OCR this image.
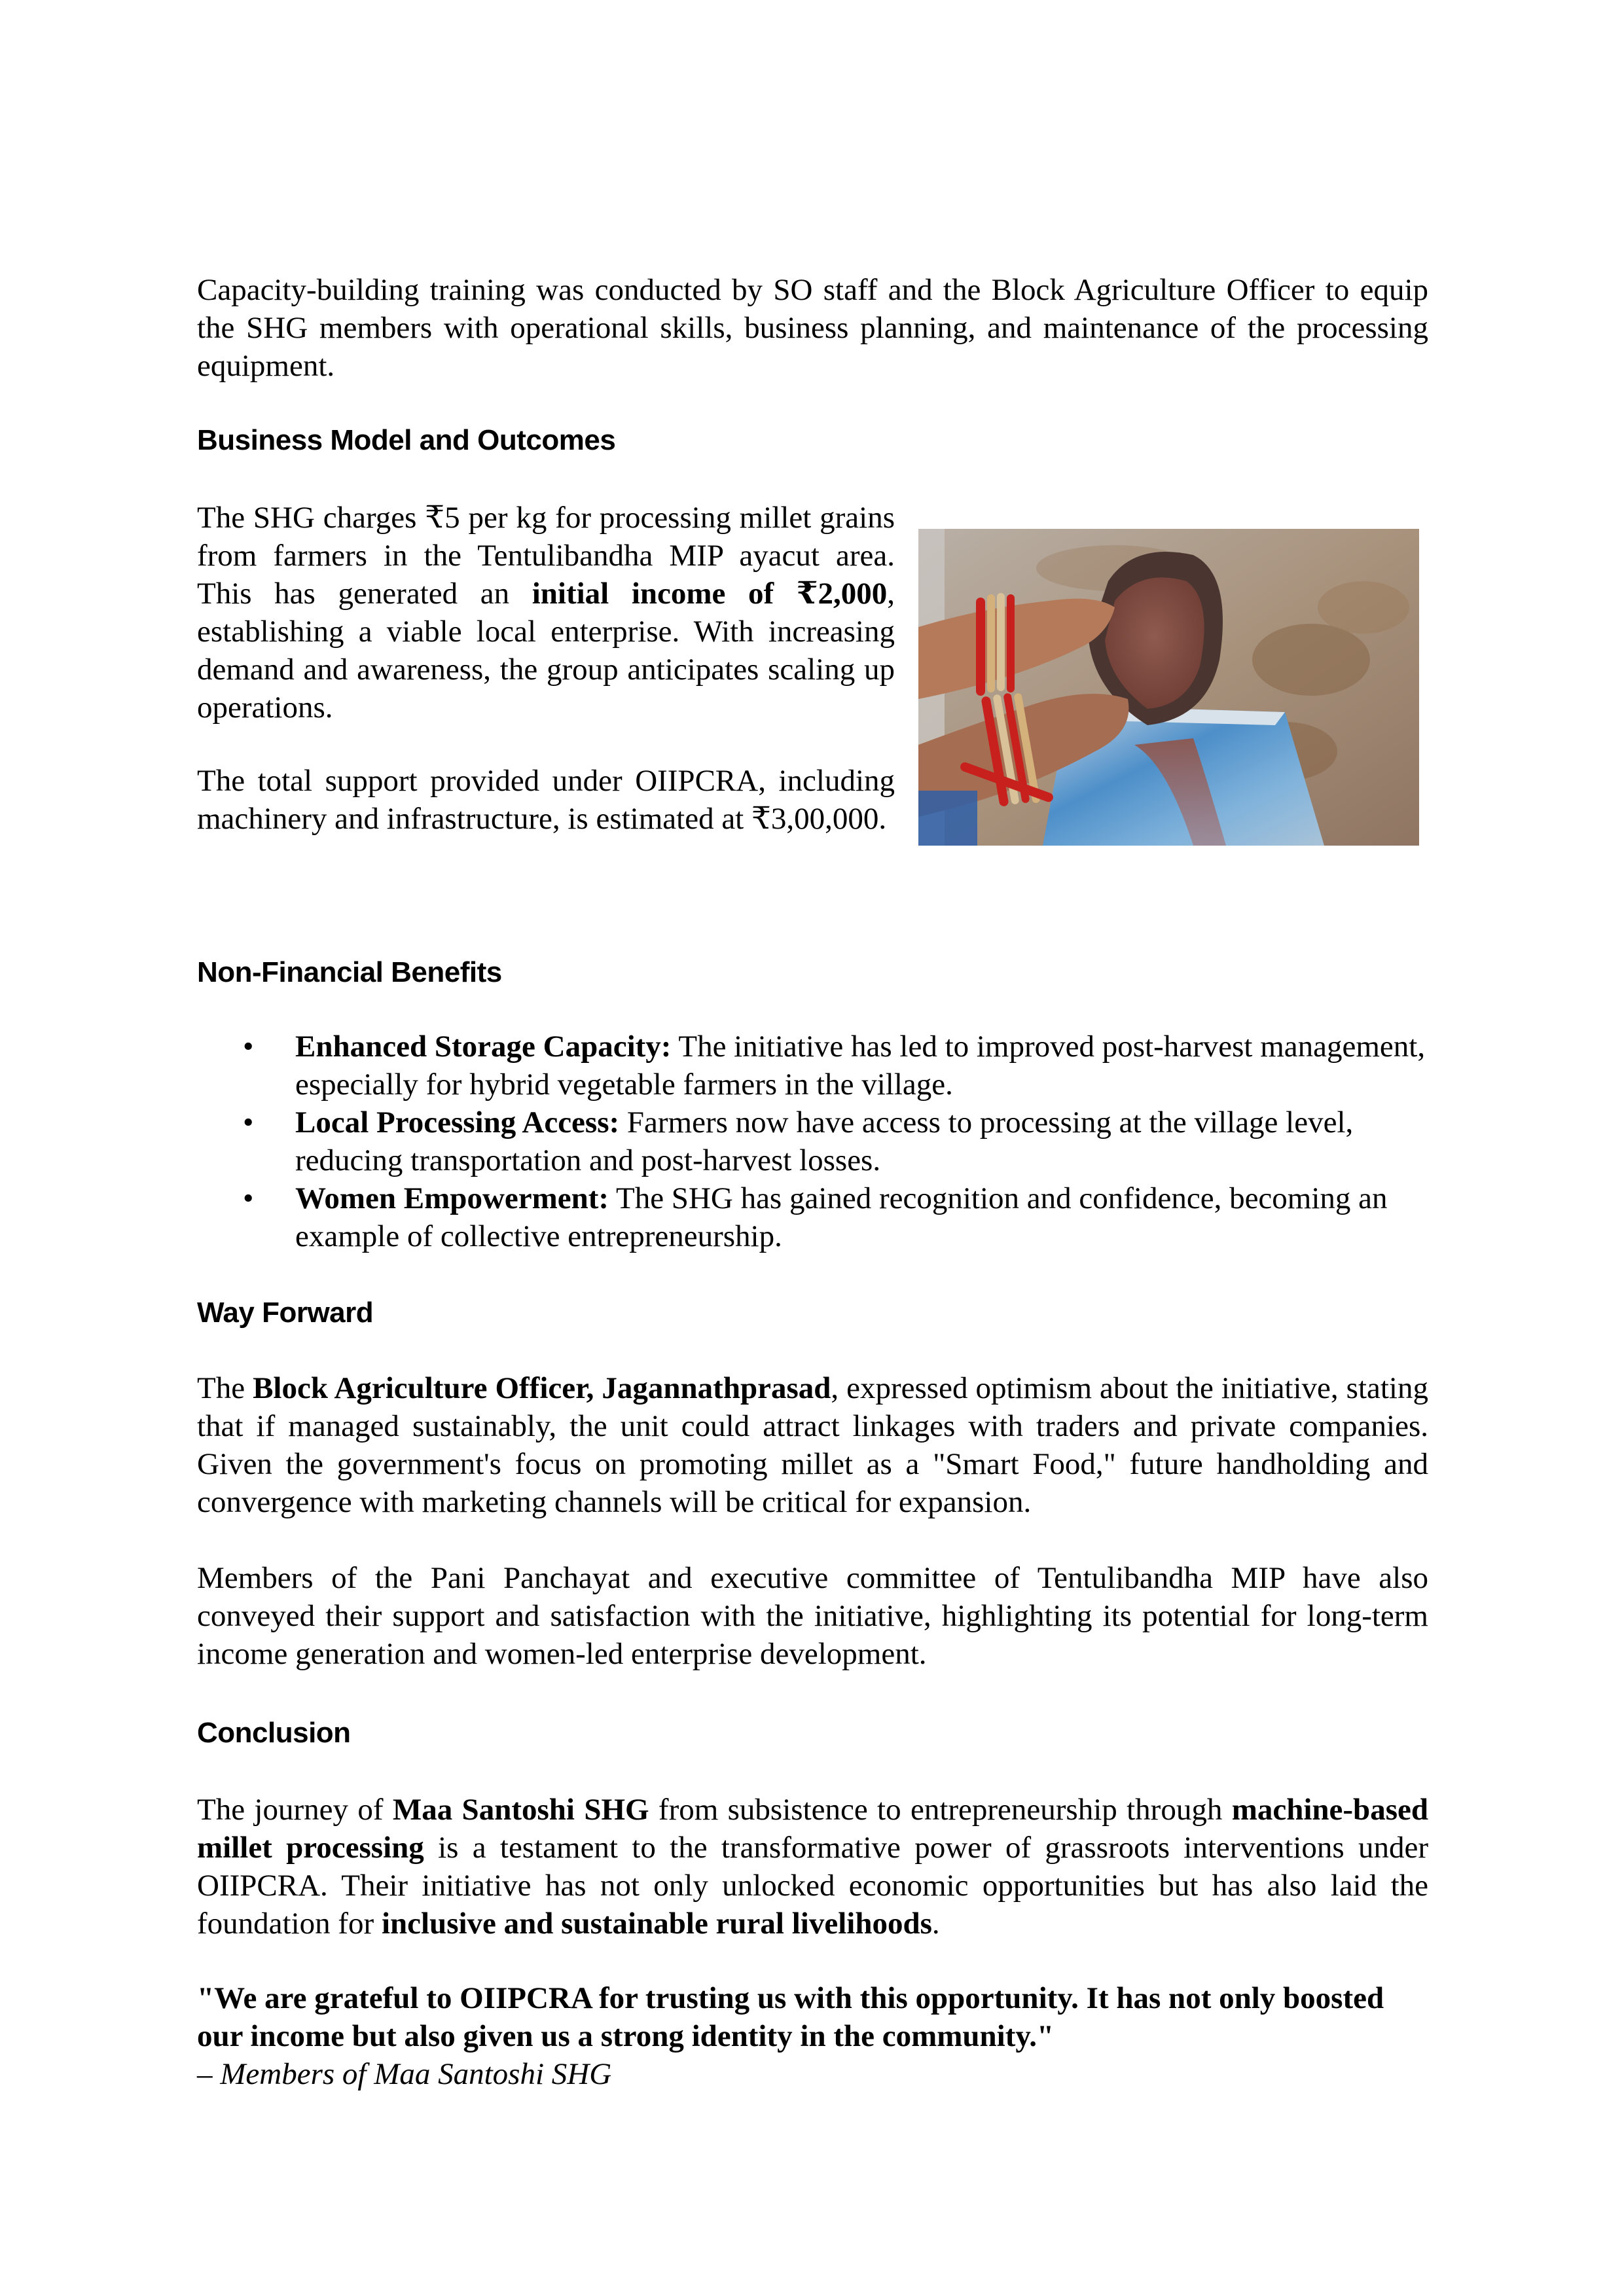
Capacity-building training was conducted by SO staff and the Block Agriculture Officer to equip the SHG members with operational skills, business planning, and maintenance of the processing equipment.

Business Model and Outcomes

The SHG charges ₹5 per kg for processing millet grains from farmers in the Tentulibandha MIP ayacut area. This has generated an initial income of ₹2,000, establishing a viable local enterprise. With increasing demand and awareness, the group anticipates scaling up operations.

The total support provided under OIIPCRA, including machinery and infrastructure, is estimated at ₹3,00,000.

Non-Financial Benefits
• Enhanced Storage Capacity: The initiative has led to improved post-harvest management, especially for hybrid vegetable farmers in the village.
• Local Processing Access: Farmers now have access to processing at the village level, reducing transportation and post-harvest losses.
• Women Empowerment: The SHG has gained recognition and confidence, becoming an example of collective entrepreneurship.
Way Forward

The Block Agriculture Officer, Jagannathprasad, expressed optimism about the initiative, stating that if managed sustainably, the unit could attract linkages with traders and private companies. Given the government's focus on promoting millet as a "Smart Food," future handholding and convergence with marketing channels will be critical for expansion.

Members of the Pani Panchayat and executive committee of Tentulibandha MIP have also conveyed their support and satisfaction with the initiative, highlighting its potential for long-term income generation and women-led enterprise development.

Conclusion

The journey of Maa Santoshi SHG from subsistence to entrepreneurship through machine-based millet processing is a testament to the transformative power of grassroots interventions under OIIPCRA. Their initiative has not only unlocked economic opportunities but has also laid the foundation for inclusive and sustainable rural livelihoods.

"We are grateful to OIIPCRA for trusting us with this opportunity. It has not only boosted our income but also given us a strong identity in the community."

– Members of Maa Santoshi SHG
